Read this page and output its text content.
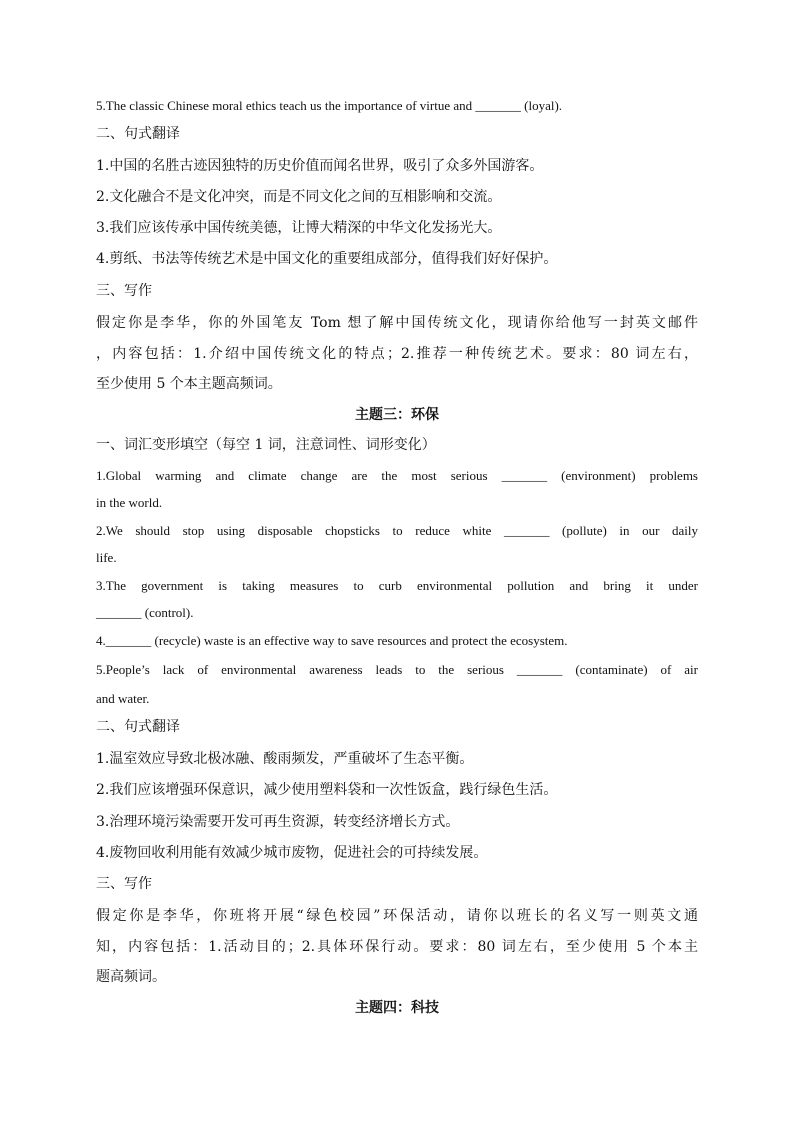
5.The classic Chinese moral ethics teach us the importance of virtue and _______ (loyal).
二、句式翻译
1.中国的名胜古迹因独特的历史价值而闻名世界，吸引了众多外国游客。
2.文化融合不是文化冲突，而是不同文化之间的互相影响和交流。
3.我们应该传承中国传统美德，让博大精深的中华文化发扬光大。
4.剪纸、书法等传统艺术是中国文化的重要组成部分，值得我们好好保护。
三、写作
假定你是李华，你的外国笔友 Tom 想了解中国传统文化，现请你给他写一封英文邮件
，内容包括：1.介绍中国传统文化的特点；2.推荐一种传统艺术。要求：80 词左右，
至少使用 5 个本主题高频词。
主题三：环保
一、词汇变形填空（每空 1 词，注意词性、词形变化）
1.Global warming and climate change are the most serious _______ (environment) problems
in the world.
2.We should stop using disposable chopsticks to reduce white _______ (pollute) in our daily
life.
3.The government is taking measures to curb environmental pollution and bring it under
_______ (control).
4._______ (recycle) waste is an effective way to save resources and protect the ecosystem.
5.People’s lack of environmental awareness leads to the serious _______ (contaminate) of air
and water.
二、句式翻译
1.温室效应导致北极冰融、酸雨频发，严重破坏了生态平衡。
2.我们应该增强环保意识，减少使用塑料袋和一次性饭盒，践行绿色生活。
3.治理环境污染需要开发可再生资源，转变经济增长方式。
4.废物回收利用能有效减少城市废物，促进社会的可持续发展。
三、写作
假定你是李华，你班将开展“绿色校园”环保活动，请你以班长的名义写一则英文通
知，内容包括：1.活动目的；2.具体环保行动。要求：80 词左右，至少使用 5 个本主
题高频词。
主题四：科技
